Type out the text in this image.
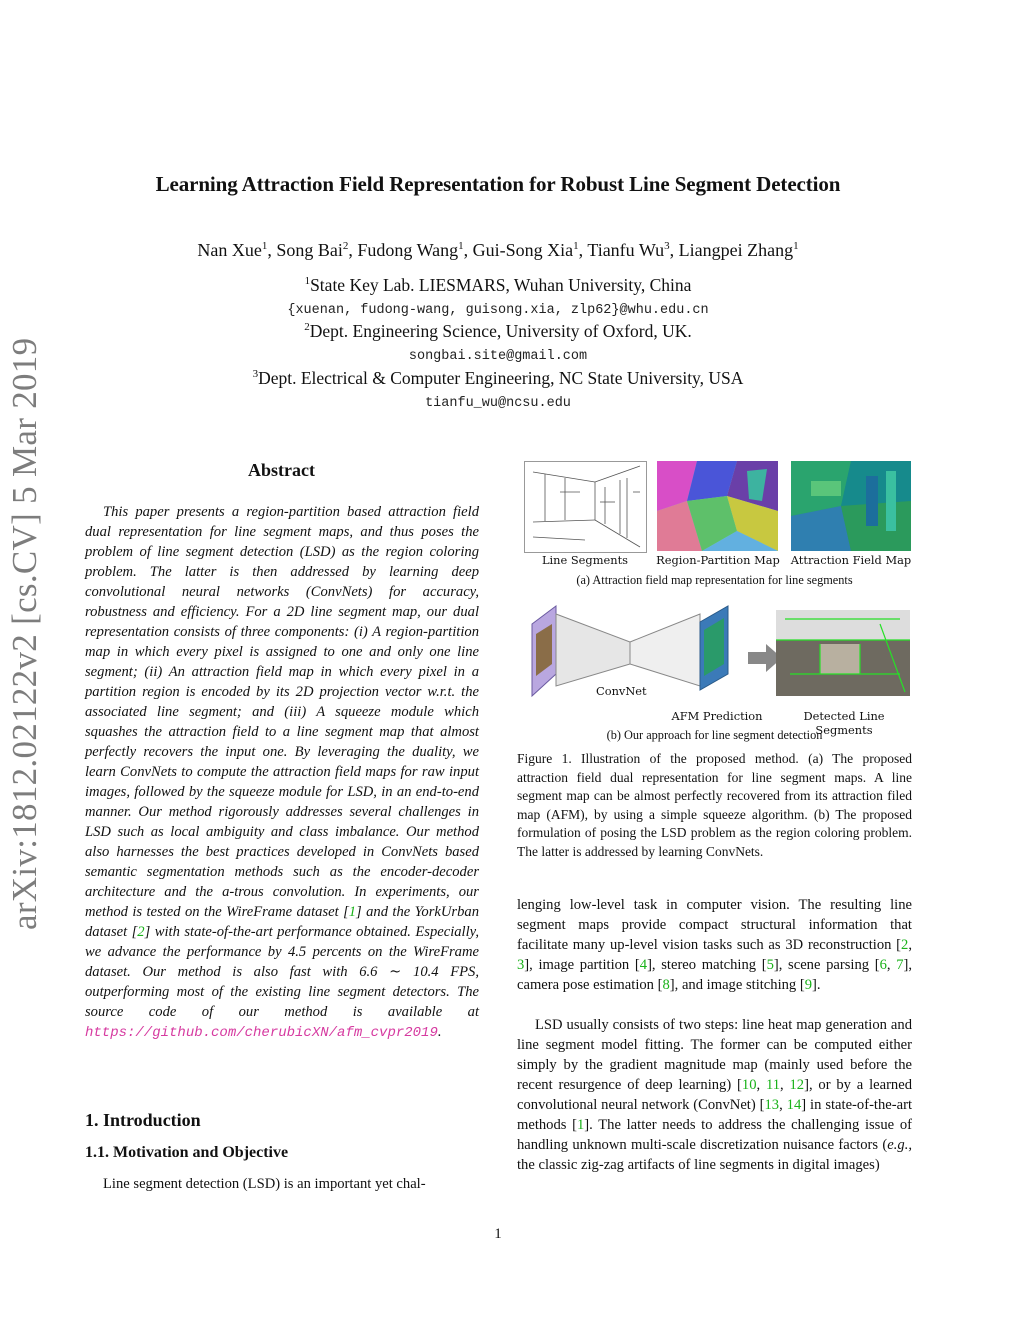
arXiv:1812.02122v2 [cs.CV] 5 Mar 2019
Learning Attraction Field Representation for Robust Line Segment Detection
Nan Xue$^1$, Song Bai$^2$, Fudong Wang$^1$, Gui-Song Xia$^1$, Tianfu Wu$^3$, Liangpei Zhang$^1$
$^1$State Key Lab. LIESMARS, Wuhan University, China
{xuenan, fudong-wang, guisong.xia, zlp62}@whu.edu.cn
$^2$Dept. Engineering Science, University of Oxford, UK.
songbai.site@gmail.com
$^3$Dept. Electrical & Computer Engineering, NC State University, USA
tianfu_wu@ncsu.edu
Abstract

This paper presents a region-partition based attraction field dual representation for line segment maps, and thus poses the problem of line segment detection (LSD) as the region coloring problem. The latter is then addressed by learning deep convolutional neural networks (ConvNets) for accuracy, robustness and efficiency. For a 2D line segment map, our dual representation consists of three components: (i) A region-partition map in which every pixel is assigned to one and only one line segment; (ii) An attraction field map in which every pixel in a partition region is encoded by its 2D projection vector w.r.t. the associated line segment; and (iii) A squeeze module which squashes the attraction field to a line segment map that almost perfectly recovers the input one. By leveraging the duality, we learn ConvNets to compute the attraction field maps for raw input images, followed by the squeeze module for LSD, in an end-to-end manner. Our method rigorously addresses several challenges in LSD such as local ambiguity and class imbalance. Our method also harnesses the best practices developed in ConvNets based semantic segmentation methods such as the encoder-decoder architecture and the a-trous convolution. In experiments, our method is tested on the WireFrame dataset [1] and the YorkUrban dataset [2] with state-of-the-art performance obtained. Especially, we advance the performance by 4.5 percents on the WireFrame dataset. Our method is also fast with 6.6 ∼ 10.4 FPS, outperforming most of the existing line segment detectors. The source code of our method is available at https://github.com/cherubicXN/afm_cvpr2019.

1. Introduction
1.1. Motivation and Objective

Line segment detection (LSD) is an important yet chal-

Line Segments	Region-Partition Map Attraction Field Map
(a) Attraction field map representation for line segments
ConvNet
AFM Prediction	Detected Line Segments
(b) Our approach for line segment detection

Figure 1. Illustration of the proposed method. (a) The proposed attraction field dual representation for line segment maps. A line segment map can be almost perfectly recovered from its attraction filed map (AFM), by using a simple squeeze algorithm. (b) The proposed formulation of posing the LSD problem as the region coloring problem. The latter is addressed by learning ConvNets.

lenging low-level task in computer vision. The resulting line segment maps provide compact structural information that facilitate many up-level vision tasks such as 3D reconstruction [2, 3], image partition [4], stereo matching [5], scene parsing [6, 7], camera pose estimation [8], and image stitching [9].

LSD usually consists of two steps: line heat map generation and line segment model fitting. The former can be computed either simply by the gradient magnitude map (mainly used before the recent resurgence of deep learning) [10, 11, 12], or by a learned convolutional neural network (ConvNet) [13, 14] in state-of-the-art methods [1]. The latter needs to address the challenging issue of handling unknown multi-scale discretization nuisance factors (e.g., the classic zig-zag artifacts of line segments in digital images)

1
